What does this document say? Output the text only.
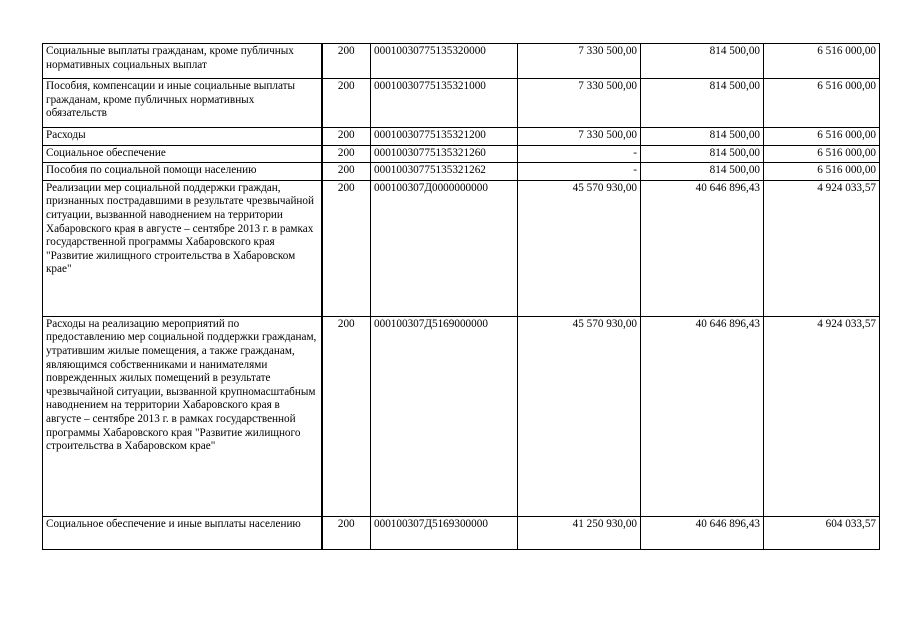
Социальные выплаты гражданам, кроме публичных нормативных социальных выплат	200	00010030775135320000	7 330 500,00	814 500,00	6 516 000,00
Пособия, компенсации и иные социальные выплаты гражданам, кроме публичных нормативных обязательств	200	00010030775135321000	7 330 500,00	814 500,00	6 516 000,00
Расходы	200	00010030775135321200	7 330 500,00	814 500,00	6 516 000,00
Социальное обеспечение	200	00010030775135321260	-	814 500,00	6 516 000,00
Пособия по социальной помощи населению	200	00010030775135321262	-	814 500,00	6 516 000,00
Реализации мер социальной поддержки граждан, признанных пострадавшими в результате чрезвычайной ситуации, вызванной наводнением на территории Хабаровского края в августе – сентябре 2013 г. в рамках государственной программы Хабаровского края "Развитие жилищного строительства в Хабаровском крае"	200	000100307Д0000000000	45 570 930,00	40 646 896,43	4 924 033,57
Расходы на реализацию мероприятий по предоставлению мер социальной поддержки гражданам, утратившим жилые помещения, а также гражданам, являющимся собственниками и нанимателями поврежденных жилых помещений в результате чрезвычайной ситуации, вызванной крупномасштабным наводнением на территории Хабаровского края в августе – сентябре 2013 г. в рамках государственной программы Хабаровского края "Развитие жилищного строительства в Хабаровском крае"	200	000100307Д5169000000	45 570 930,00	40 646 896,43	4 924 033,57
Социальное обеспечение и иные выплаты населению	200	000100307Д5169300000	41 250 930,00	40 646 896,43	604 033,57
